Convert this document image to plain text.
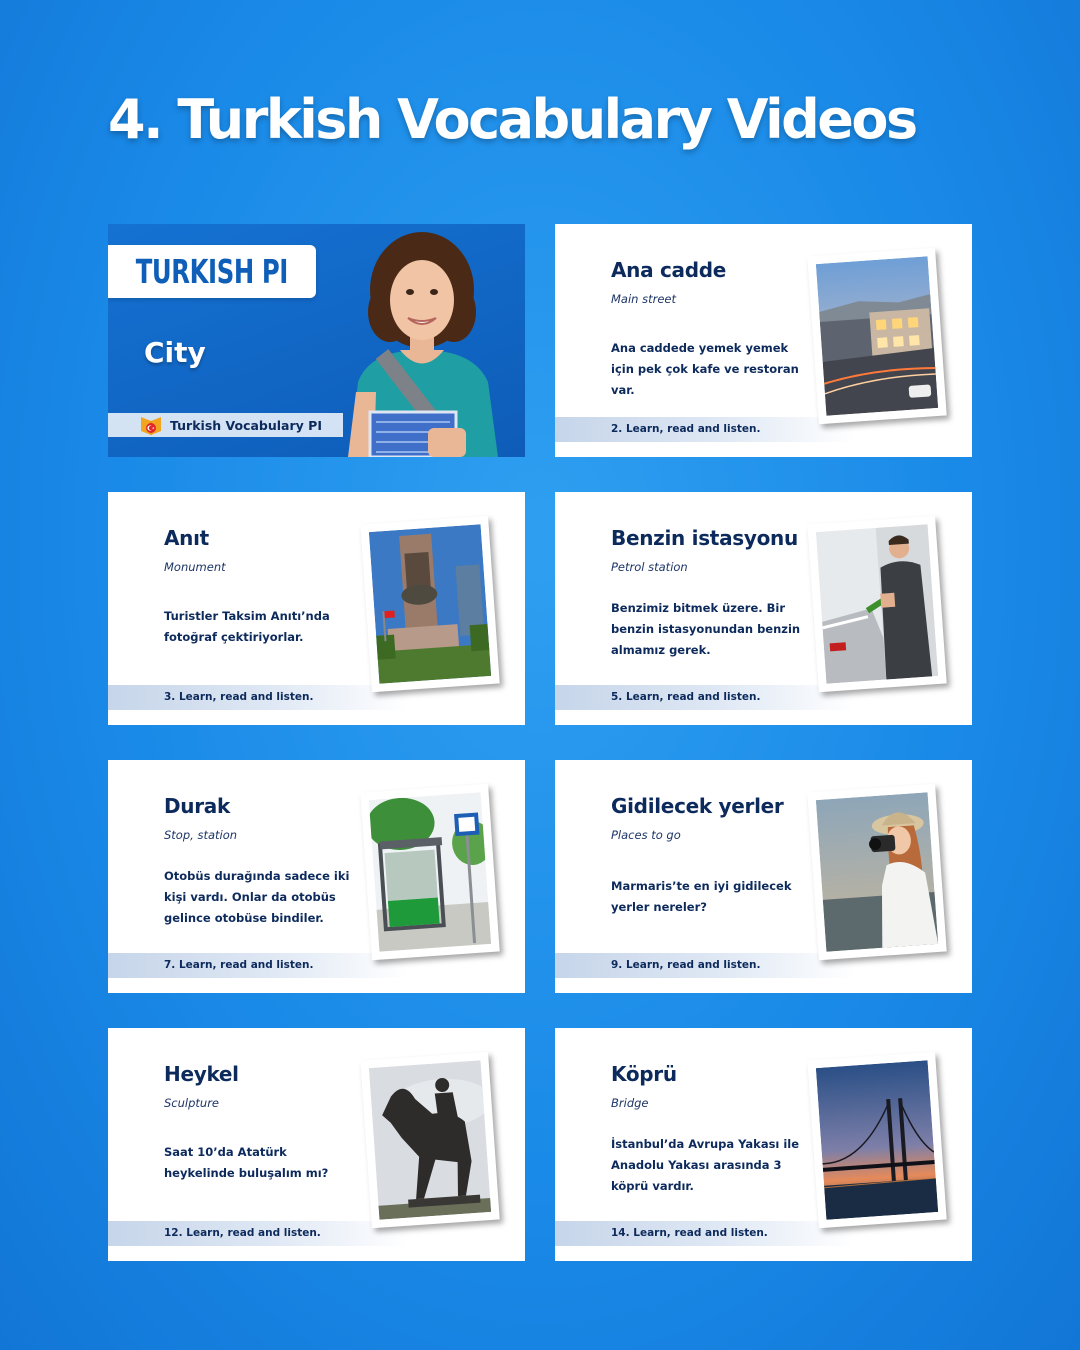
4. Turkish Vocabulary Videos
TURKISH PI
City
Turkish Vocabulary PI
Ana cadde
Main street
Ana caddede yemek yemek için pek çok kafe ve restoran var.
2. Learn, read and listen.
Anıt
Monument
Turistler Taksim Anıtı’nda fotoğraf çektiriyorlar.
3. Learn, read and listen.
Benzin istasyonu
Petrol station
Benzimiz bitmek üzere. Bir benzin istasyonundan benzin almamız gerek.
5. Learn, read and listen.
Durak
Stop, station
Otobüs durağında sadece iki kişi vardı. Onlar da otobüs gelince otobüse bindiler.
7. Learn, read and listen.
Gidilecek yerler
Places to go
Marmaris’te en iyi gidilecek yerler nereler?
9. Learn, read and listen.
Heykel
Sculpture
Saat 10’da Atatürk heykelinde buluşalım mı?
12. Learn, read and listen.
Köprü
Bridge
İstanbul’da Avrupa Yakası ile Anadolu Yakası arasında 3 köprü vardır.
14. Learn, read and listen.
